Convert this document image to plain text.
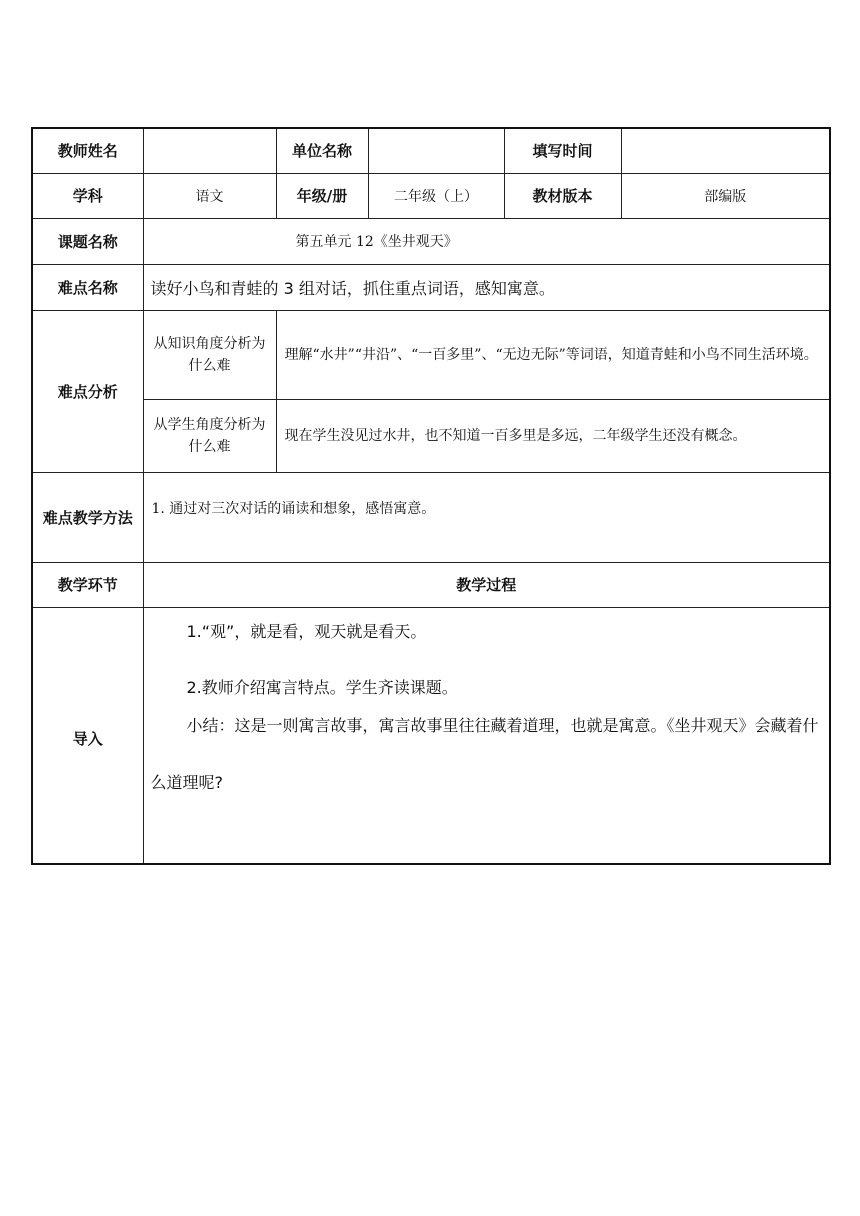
教师姓名		单位名称		填写时间	
学科	语文	年级/册	二年级（上）	教材版本	部编版
课题名称	第五单元 12《坐井观天》				
难点名称	读好小鸟和青蛙的 3 组对话，抓住重点词语，感知寓意。				
难点分析	从知识角度分析为什么难	理解“水井”“井沿”、“一百多里”、“无边无际”等词语，知道青蛙和小鸟不同生活环境。			
	从学生角度分析为什么难	现在学生没见过水井，也不知道一百多里是多远，二年级学生还没有概念。			
难点教学方法	1. 通过对三次对话的诵读和想象，感悟寓意。				
教学环节	教学过程				
导入	1.“观”，就是看，观天就是看天。

2.教师介绍寓言特点。学生齐读课题。

小结：这是一则寓言故事，寓言故事里往往藏着道理，也就是寓意。《坐井观天》会藏着什么道理呢?				
